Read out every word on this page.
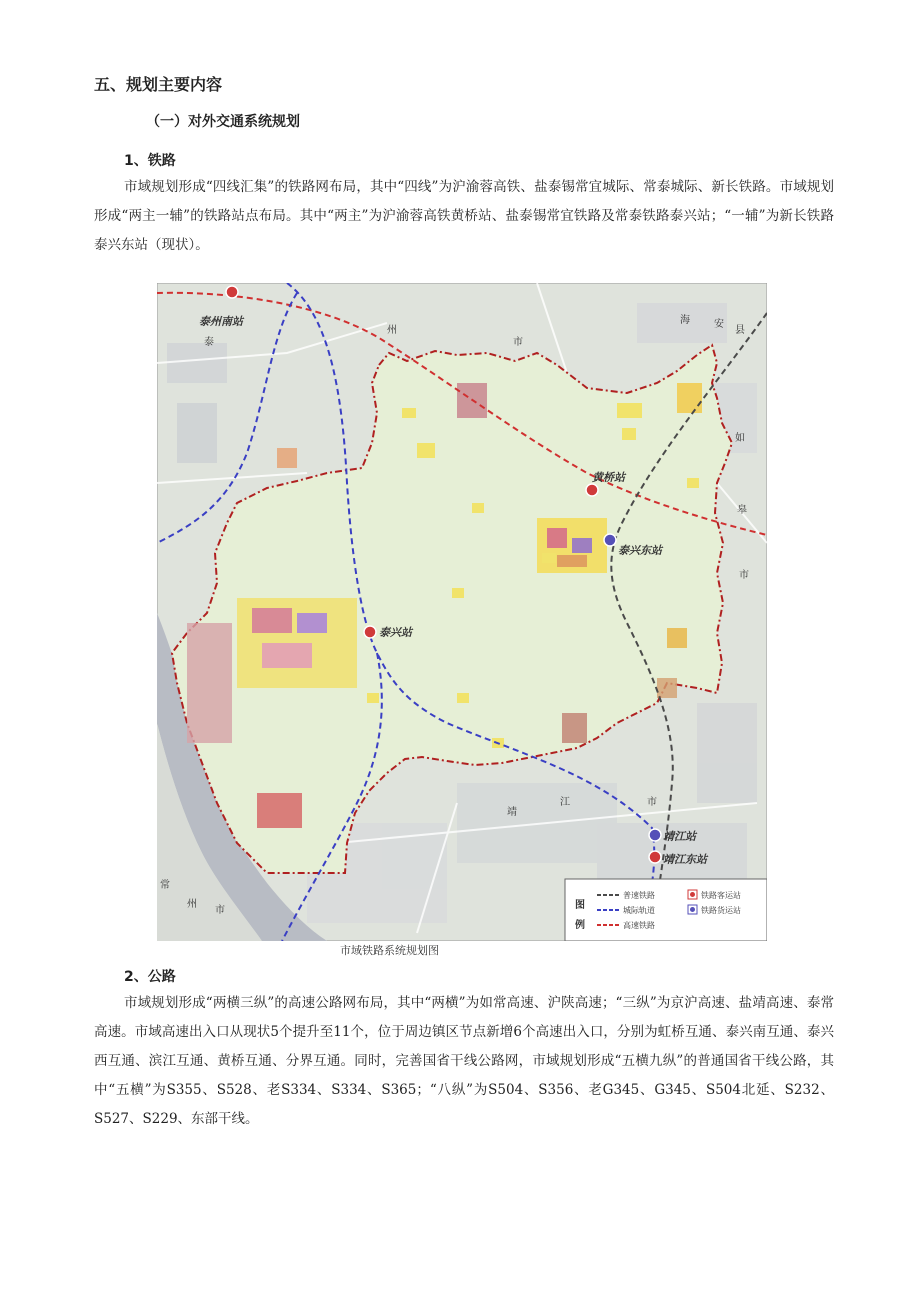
五、规划主要内容
（一）对外交通系统规划
1、铁路
市域规划形成“四线汇集”的铁路网布局，其中“四线”为沪渝蓉高铁、盐泰锡常宜城际、常泰城际、新长铁路。市域规划形成“两主一辅”的铁路站点布局。其中“两主”为沪渝蓉高铁黄桥站、盐泰锡常宜铁路及常泰铁路泰兴站；“一辅”为新长铁路泰兴东站（现状）。
泰州南站
黄桥站
泰兴东站
泰兴站
靖江站
靖江东站
泰
州
市
海 安
县
如
皋
市
靖
江	市
常
州
市	图
例
普速铁路	铁路客运站
城际轨道	铁路货运站
高速铁路
市域铁路系统规划图
2、公路
市域规划形成“两横三纵”的高速公路网布局，其中“两横”为如常高速、沪陕高速；“三纵”为京沪高速、盐靖高速、泰常高速。市域高速出入口从现状5个提升至11个，位于周边镇区节点新增6个高速出入口，分别为虹桥互通、泰兴南互通、泰兴西互通、滨江互通、黄桥互通、分界互通。同时，完善国省干线公路网，市域规划形成“五横九纵”的普通国省干线公路，其中“五横”为S355、S528、老S334、S334、S365；“八纵”为S504、S356、老G345、G345、S504北延、S232、S527、S229、东部干线。
